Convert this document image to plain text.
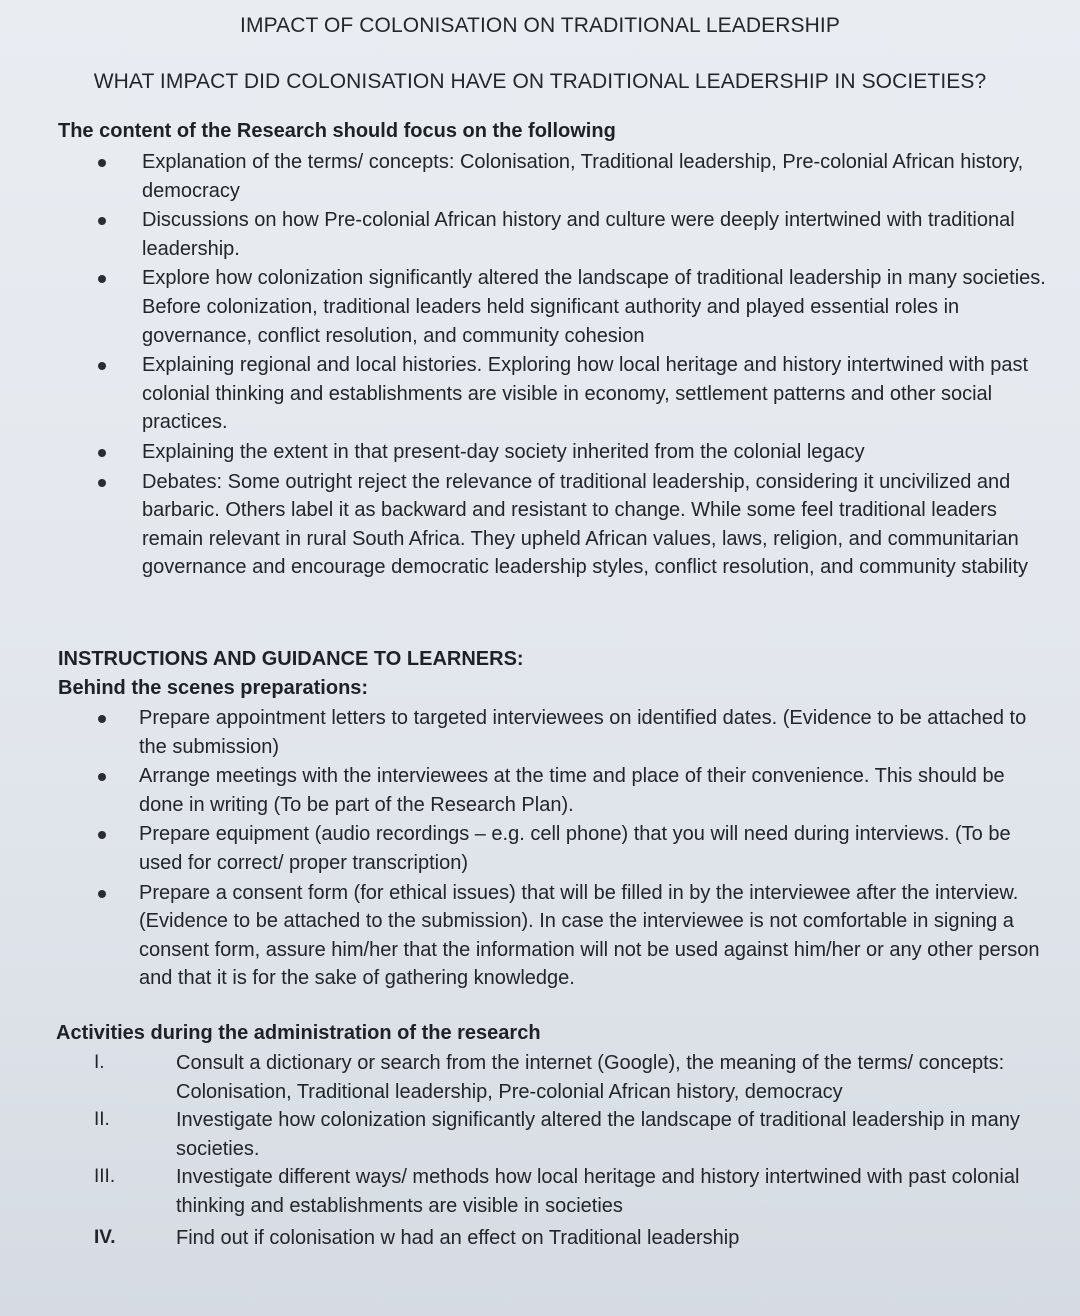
IMPACT OF COLONISATION ON TRADITIONAL LEADERSHIP
WHAT IMPACT DID COLONISATION HAVE ON TRADITIONAL LEADERSHIP IN SOCIETIES?
The content of the Research should focus on the following
Explanation of the terms/ concepts: Colonisation, Traditional leadership, Pre-colonial African history, democracy
Discussions on how Pre-colonial African history and culture were deeply intertwined with traditional leadership.
Explore how colonization significantly altered the landscape of traditional leadership in many societies. Before colonization, traditional leaders held significant authority and played essential roles in governance, conflict resolution, and community cohesion
Explaining regional and local histories. Exploring how local heritage and history intertwined with past colonial thinking and establishments are visible in economy, settlement patterns and other social practices.
Explaining the extent in that present-day society inherited from the colonial legacy
Debates: Some outright reject the relevance of traditional leadership, considering it uncivilized and barbaric. Others label it as backward and resistant to change. While some feel traditional leaders remain relevant in rural South Africa. They upheld African values, laws, religion, and communitarian governance and encourage democratic leadership styles, conflict resolution, and community stability
INSTRUCTIONS AND GUIDANCE TO LEARNERS:
Behind the scenes preparations:
Prepare appointment letters to targeted interviewees on identified dates. (Evidence to be attached to the submission)
Arrange meetings with the interviewees at the time and place of their convenience. This should be done in writing (To be part of the Research Plan).
Prepare equipment (audio recordings – e.g. cell phone) that you will need during interviews. (To be used for correct/ proper transcription)
Prepare a consent form (for ethical issues) that will be filled in by the interviewee after the interview. (Evidence to be attached to the submission). In case the interviewee is not comfortable in signing a consent form, assure him/her that the information will not be used against him/her or any other person and that it is for the sake of gathering knowledge.
Activities during the administration of the research
I.	Consult a dictionary or search from the internet (Google), the meaning of the terms/ concepts: Colonisation, Traditional leadership, Pre-colonial African history, democracy
II.	Investigate how colonization significantly altered the landscape of traditional leadership in many societies.
III.	Investigate different ways/ methods how local heritage and history intertwined with past colonial thinking and establishments are visible in societies
IV.	Find out if colonisation w had an effect on Traditional leadership
